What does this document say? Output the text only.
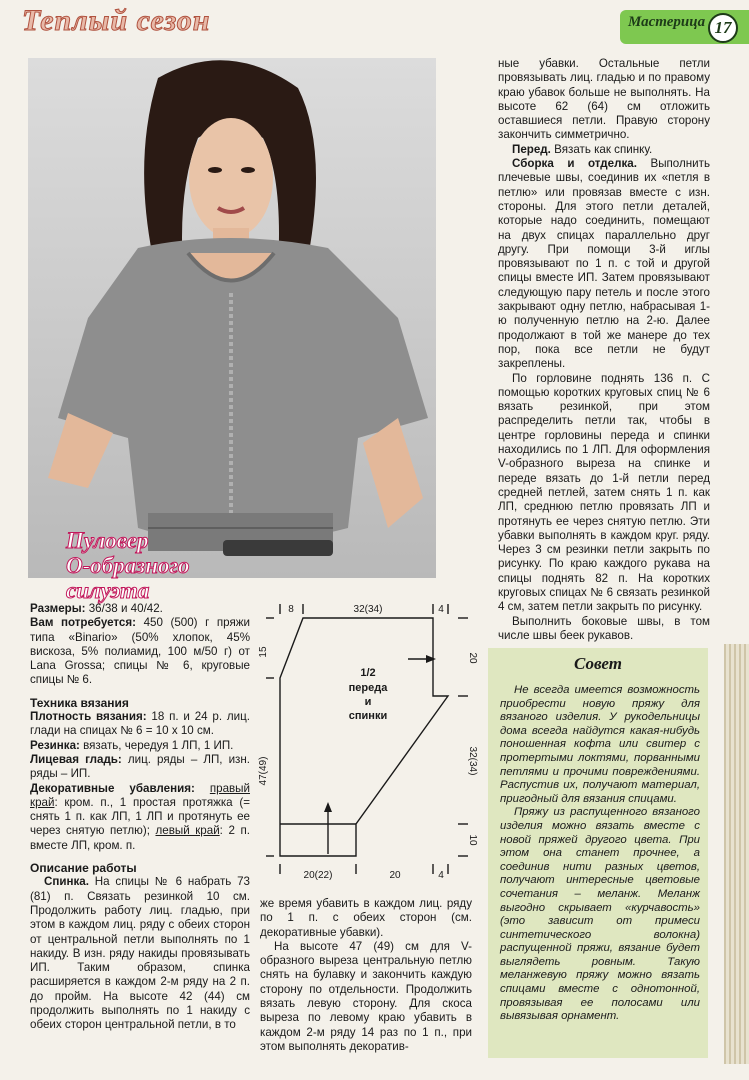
Теплый сезон	Мастерица 17
Пуловер
О-образного
силуэта

Размеры: 36/38 и 40/42.

Вам потребуется: 450 (500) г пряжи типа «Binario» (50% хлопок, 45% вискоза, 5% полиамид, 100 м/50 г) от Lana Grossa; спицы № 6, круговые спицы № 6.

Техника вязания

Плотность вязания: 18 п. и 24 р. лиц. глади на спицах № 6 = 10 х 10 см.

Резинка: вязать, чередуя 1 ЛП, 1 ИП.

Лицевая гладь: лиц. ряды – ЛП, изн. ряды – ИП.

Декоративные убавления: правый край: кром. п., 1 простая протяжка (= снять 1 п. как ЛП, 1 ЛП и протянуть ее через снятую петлю); левый край: 2 п. вместе ЛП, кром. п.

Описание работы

Спинка. На спицы № 6 набрать 73 (81) п. Связать резинкой 10 см. Продолжить работу лиц. гладью, при этом в каждом лиц. ряду с обеих сторон от центральной петли выполнять по 1 накиду. В изн. ряду накиды провязывать ИП. Таким образом, спинка расширяется в каждом 2-м ряду на 2 п. до пройм. На высоте 42 (44) см продолжить выполнять по 1 накиду с обеих сторон центральной петли, в то

8	32(34)	4
15
47(49)
20
32(34)
10
20(22)	20	4
1/2
переда
и
спинки

же время убавить в каждом лиц. ряду по 1 п. с обеих сторон (см. декоративные убавки).

На высоте 47 (49) см для V-образного выреза центральную петлю снять на булавку и закончить каждую сторону по отдельности. Продолжить вязать левую сторону. Для скоса выреза по левому краю убавить в каждом 2-м ряду 14 раз по 1 п., при этом выполнять декоратив-

ные убавки. Остальные петли провязывать лиц. гладью и по правому краю убавок больше не выполнять. На высоте 62 (64) см отложить оставшиеся петли. Правую сторону закончить симметрично.

Перед. Вязать как спинку.

Сборка и отделка. Выполнить плечевые швы, соединив их «петля в петлю» или провязав вместе с изн. стороны. Для этого петли деталей, которые надо соединить, помещают на двух спицах параллельно друг другу. При помощи 3-й иглы провязывают по 1 п. с той и другой спицы вместе ИП. Затем провязывают следующую пару петель и после этого закрывают одну петлю, набрасывая 1-ю полученную петлю на 2-ю. Далее продолжают в той же манере до тех пор, пока все петли не будут закреплены.

По горловине поднять 136 п. С помощью коротких круговых спиц № 6 вязать резинкой, при этом распределить петли так, чтобы в центре горловины переда и спинки находились по 1 ЛП. Для оформления V-образного выреза на спинке и переде вязать до 1-й петли перед средней петлей, затем снять 1 п. как ЛП, среднюю петлю провязать ЛП и протянуть ее через снятую петлю. Эти убавки выполнять в каждом круг. ряду. Через 3 см резинки петли закрыть по рисунку. По краю каждого рукава на спицы поднять 82 п. На коротких круговых спицах № 6 связать резинкой 4 см, затем петли закрыть по рисунку.

Выполнить боковые швы, в том числе швы беек рукавов.

Совет

Не всегда имеется возможность приобрести новую пряжу для вязаного изделия. У рукодельницы дома всегда найдутся какая-нибудь поношенная кофта или свитер с протертыми локтями, порванными петлями и прочими повреждениями. Распустив их, получают материал, пригодный для вязания спицами.

Пряжу из распущенного вязаного изделия можно вязать вместе с новой пряжей другого цвета. При этом она станет прочнее, а соединив нити разных цветов, получают интересные цветовые сочетания – меланж. Меланж выгодно скрывает «курчавость» (это зависит от примеси синтетического волокна) распущенной пряжи, вязание будет выглядеть ровным. Такую меланжевую пряжу можно вязать спицами вместе с однотонной, провязывая ее полосами или вывязывая орнамент.
